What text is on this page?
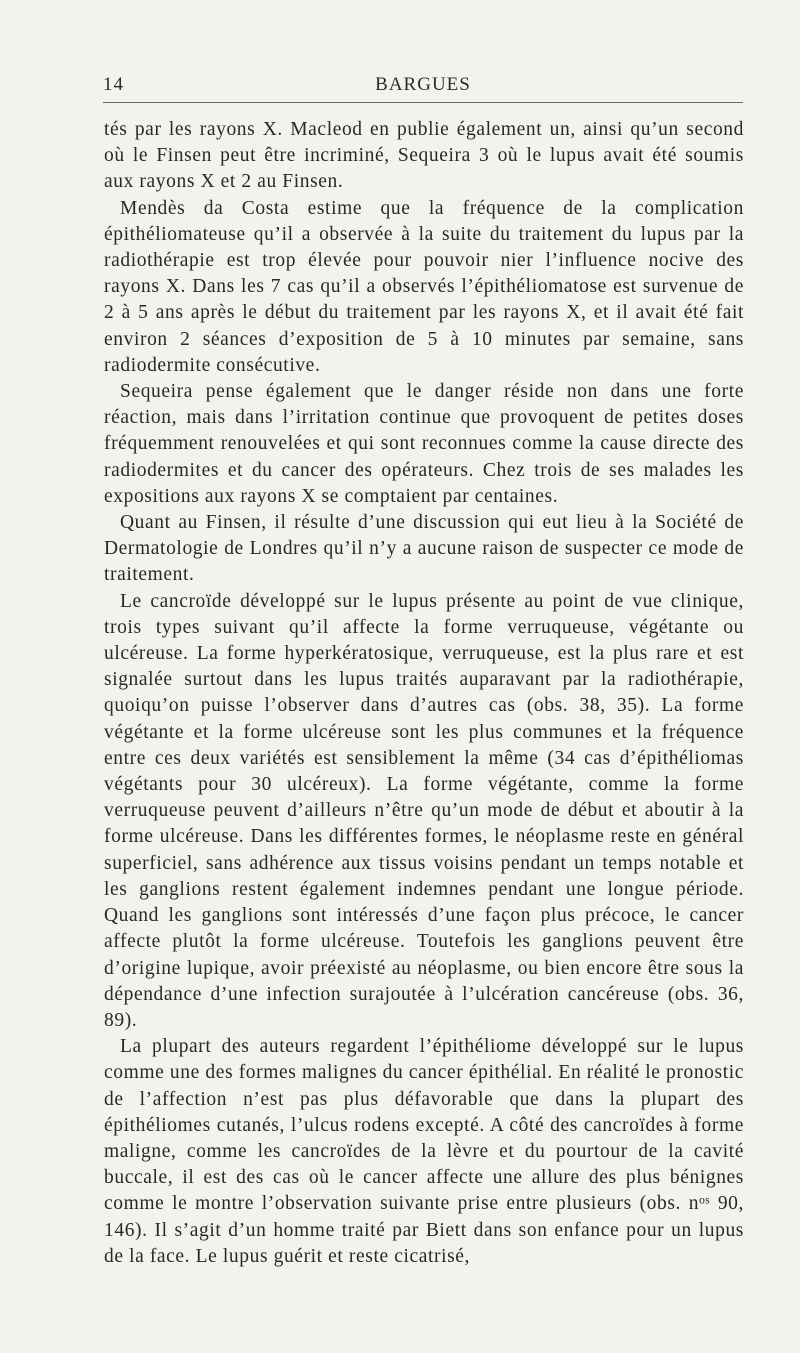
14	BARGUES

tés par les rayons X. Macleod en publie également un, ainsi qu’un second où le Finsen peut être incriminé, Sequeira 3 où le lupus avait été soumis aux rayons X et 2 au Finsen.

Mendès da Costa estime que la fréquence de la complication épithéliomateuse qu’il a observée à la suite du traitement du lupus par la radiothérapie est trop élevée pour pouvoir nier l’influence nocive des rayons X. Dans les 7 cas qu’il a observés l’épithéliomatose est survenue de 2 à 5 ans après le début du traitement par les rayons X, et il avait été fait environ 2 séances d’exposition de 5 à 10 minutes par semaine, sans radiodermite consécutive.

Sequeira pense également que le danger réside non dans une forte réaction, mais dans l’irritation continue que provoquent de petites doses fréquemment renouvelées et qui sont reconnues comme la cause directe des radiodermites et du cancer des opérateurs. Chez trois de ses malades les expositions aux rayons X se comptaient par centaines.

Quant au Finsen, il résulte d’une discussion qui eut lieu à la Société de Dermatologie de Londres qu’il n’y a aucune raison de suspecter ce mode de traitement.

Le cancroïde développé sur le lupus présente au point de vue clinique, trois types suivant qu’il affecte la forme verruqueuse, végétante ou ulcéreuse. La forme hyperkératosique, verruqueuse, est la plus rare et est signalée surtout dans les lupus traités auparavant par la radiothérapie, quoiqu’on puisse l’observer dans d’autres cas (obs. 38, 35). La forme végétante et la forme ulcéreuse sont les plus communes et la fréquence entre ces deux variétés est sensiblement la même (34 cas d’épithéliomas végétants pour 30 ulcéreux). La forme végétante, comme la forme verruqueuse peuvent d’ailleurs n’être qu’un mode de début et aboutir à la forme ulcéreuse. Dans les différentes formes, le néoplasme reste en général superficiel, sans adhérence aux tissus voisins pendant un temps notable et les ganglions restent également indemnes pendant une longue période. Quand les ganglions sont intéressés d’une façon plus précoce, le cancer affecte plutôt la forme ulcéreuse. Toutefois les ganglions peuvent être d’origine lupique, avoir préexisté au néoplasme, ou bien encore être sous la dépendance d’une infection surajoutée à l’ulcération cancéreuse (obs. 36, 89).

La plupart des auteurs regardent l’épithéliome développé sur le lupus comme une des formes malignes du cancer épithélial. En réalité le pronostic de l’affection n’est pas plus défavorable que dans la plupart des épithéliomes cutanés, l’ulcus rodens excepté. A côté des cancroïdes à forme maligne, comme les cancroïdes de la lèvre et du pourtour de la cavité buccale, il est des cas où le cancer affecte une allure des plus bénignes comme le montre l’observation suivante prise entre plusieurs (obs. nᵒˢ 90, 146). Il s’agit d’un homme traité par Biett dans son enfance pour un lupus de la face. Le lupus guérit et reste cicatrisé,
